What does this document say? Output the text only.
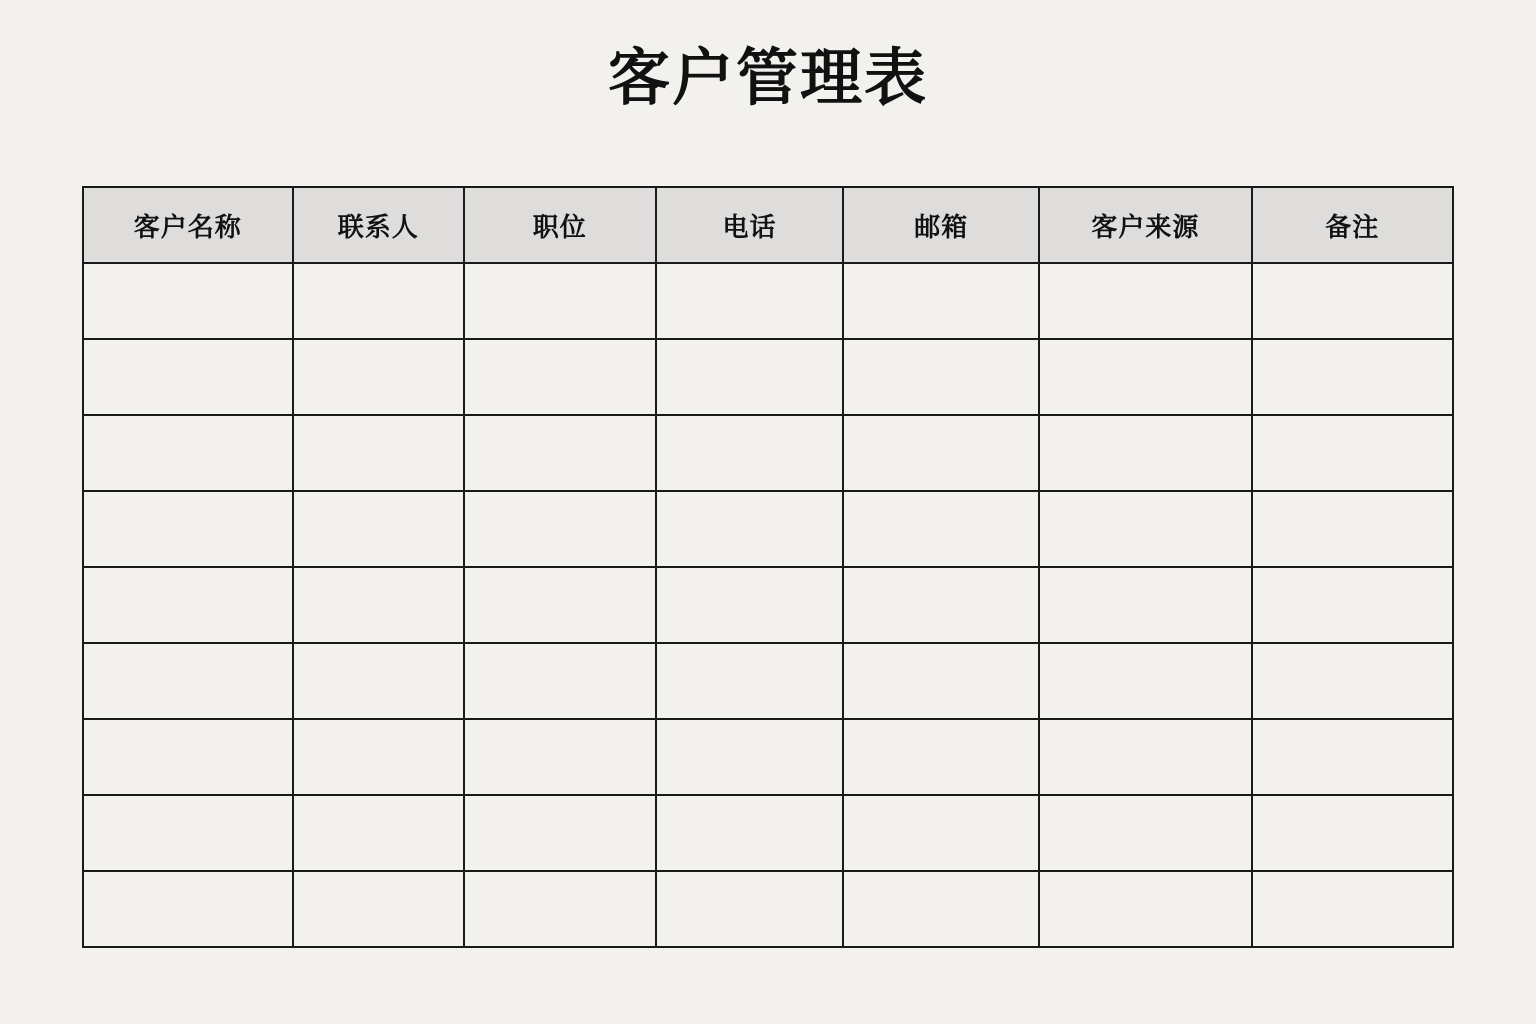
客户管理表
客户名称	联系人	职位	电话	邮箱	客户来源	备注
